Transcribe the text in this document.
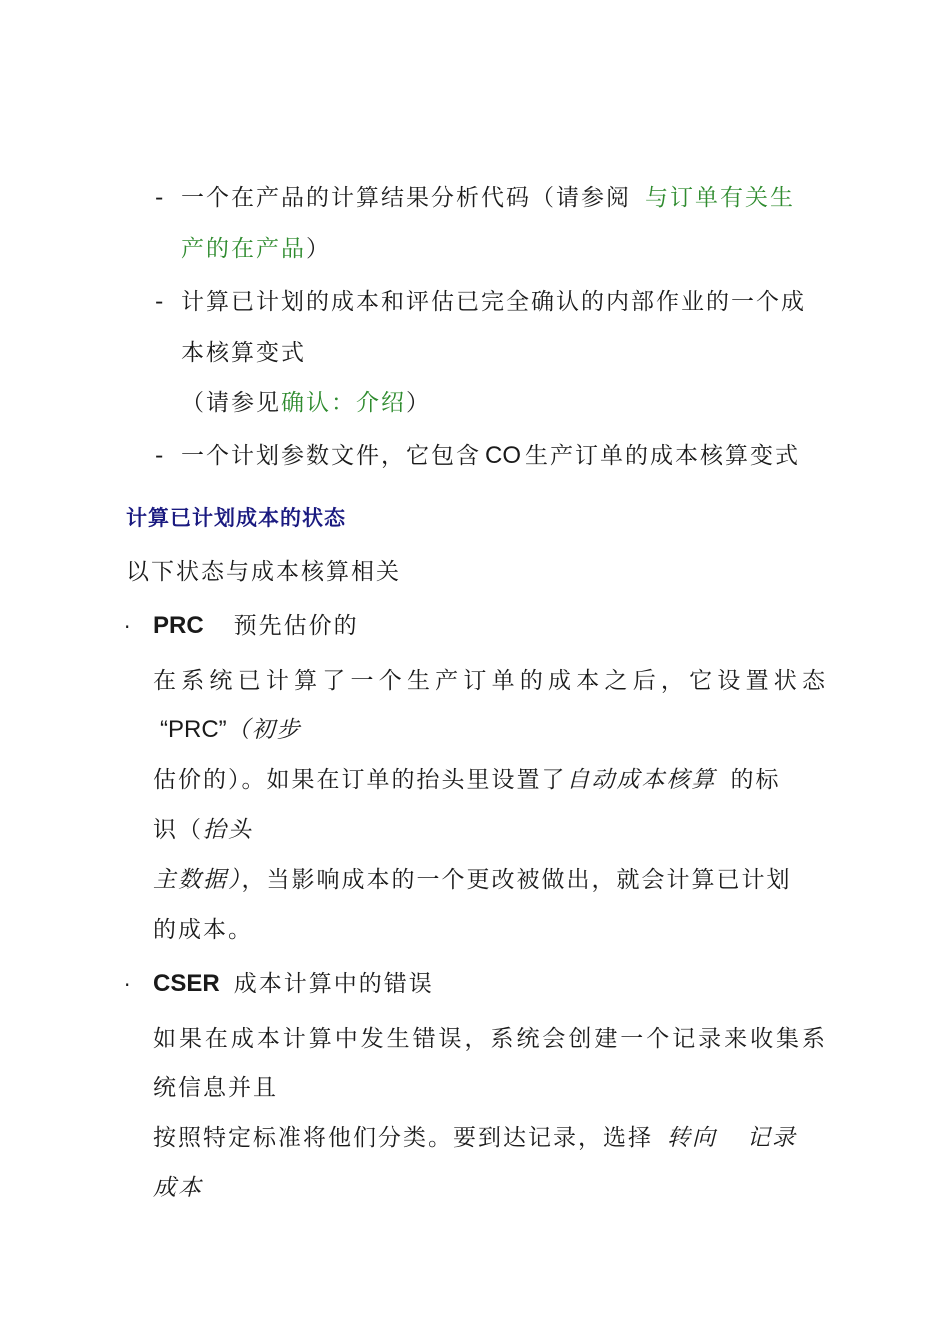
- 一个在产品的计算结果分析代码（请参阅 与订单有关生
产的在产品）
- 计算已计划的成本和评估已完全确认的内部作业的一个成
本核算变式
（请参见确认：介绍）
- 一个计划参数文件，它包含 CO 生产订单的成本核算变式
计算已计划成本的状态
以下状态与成本核算相关
· PRC 预先估价的
在系统已计算了一个生产订单的成本之后，它设置状态
“PRC”（初步
估价的）。如果在订单的抬头里设置了自动成本核算 的标
识（抬头
主数据），当影响成本的一个更改被做出，就会计算已计划
的成本。
· CSER 成本计算中的错误
如果在成本计算中发生错误，系统会创建一个记录来收集系
统信息并且
按照特定标准将他们分类。要到达记录，选择 转向 记录
成本
